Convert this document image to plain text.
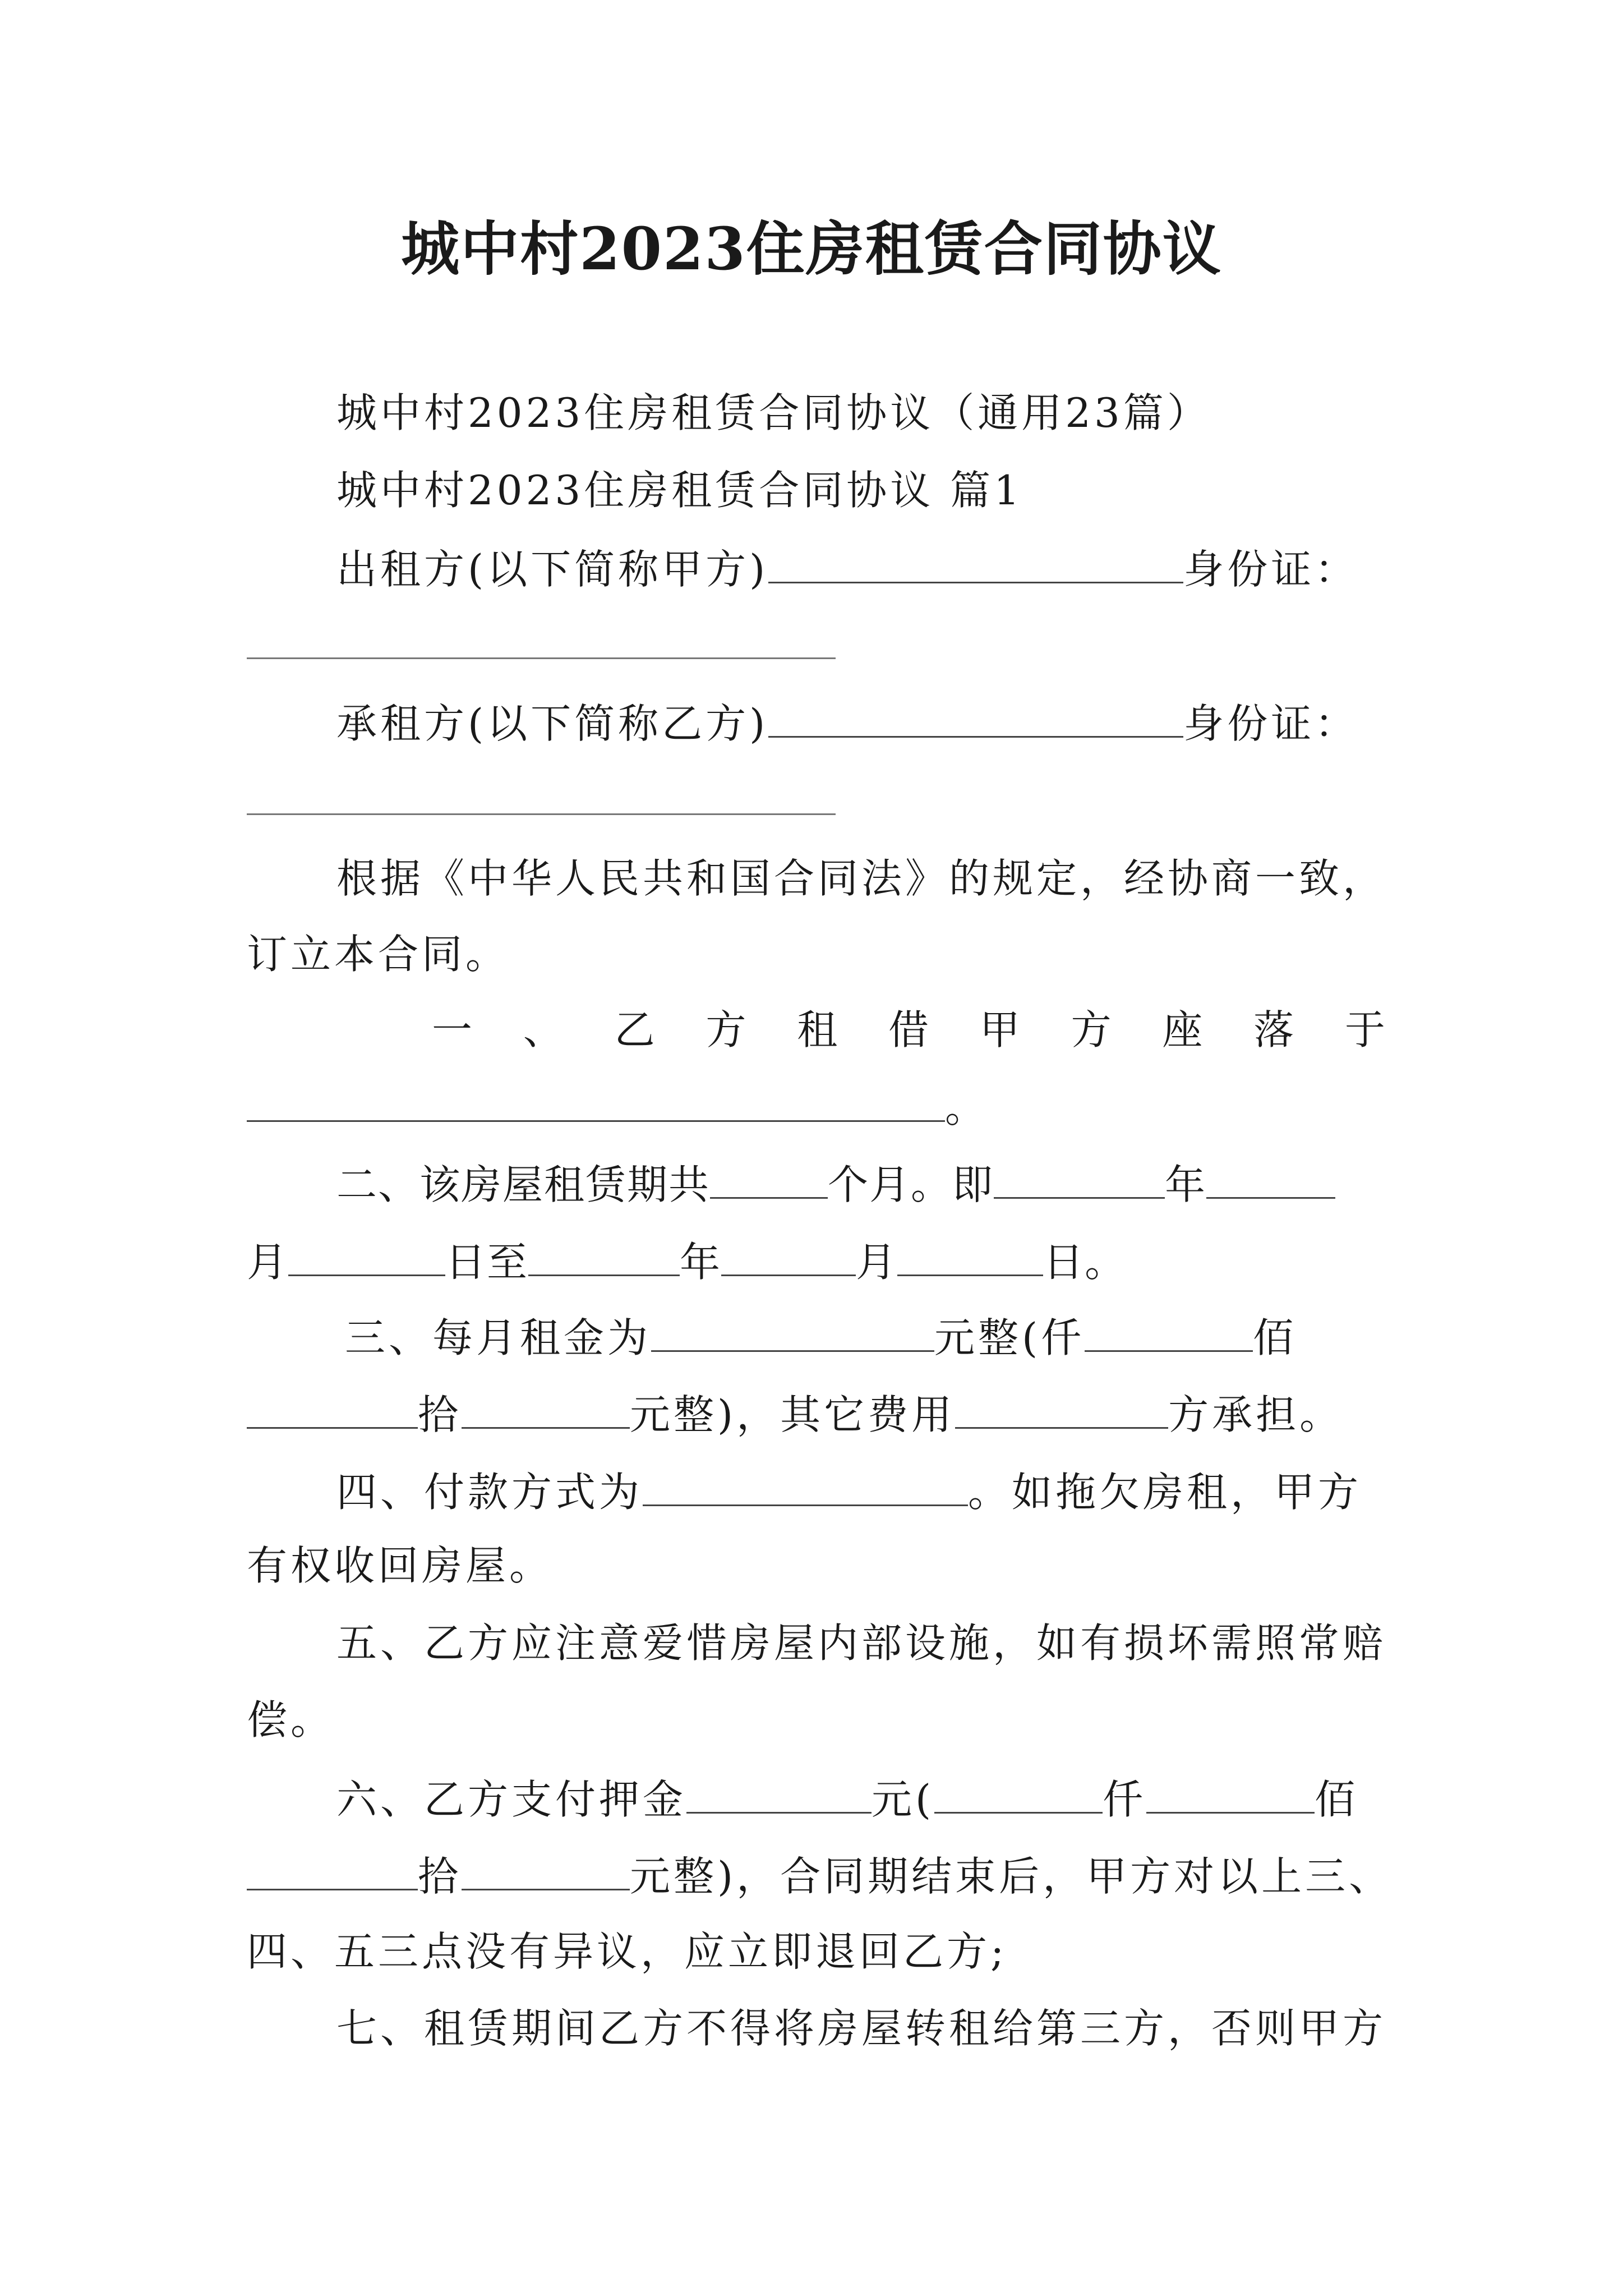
城中村2023住房租赁合同协议
城中村2023住房租赁合同协议（通用23篇）
城中村2023住房租赁合同协议 篇1
出租方(以下简称甲方)	身份证：
承租方(以下简称乙方)	身份证：
根据《中华人民共和国合同法》的规定，经协商一致，
订立本合同。
一 、 乙 方 租 借 甲 方 座 落 于
。
二、该房屋租赁期共	个月。即	年
月	日至	年	月	日。
三、每月租金为	元整(仟	佰
拾	元整)，其它费用	方承担。
四、付款方式为	。如拖欠房租，甲方
有权收回房屋。
五、乙方应注意爱惜房屋内部设施，如有损坏需照常赔
偿。
六、乙方支付押金	元(	仟	佰
拾	元整)，合同期结束后，甲方对以上三、
四、五三点没有异议，应立即退回乙方;
七、租赁期间乙方不得将房屋转租给第三方，否则甲方
